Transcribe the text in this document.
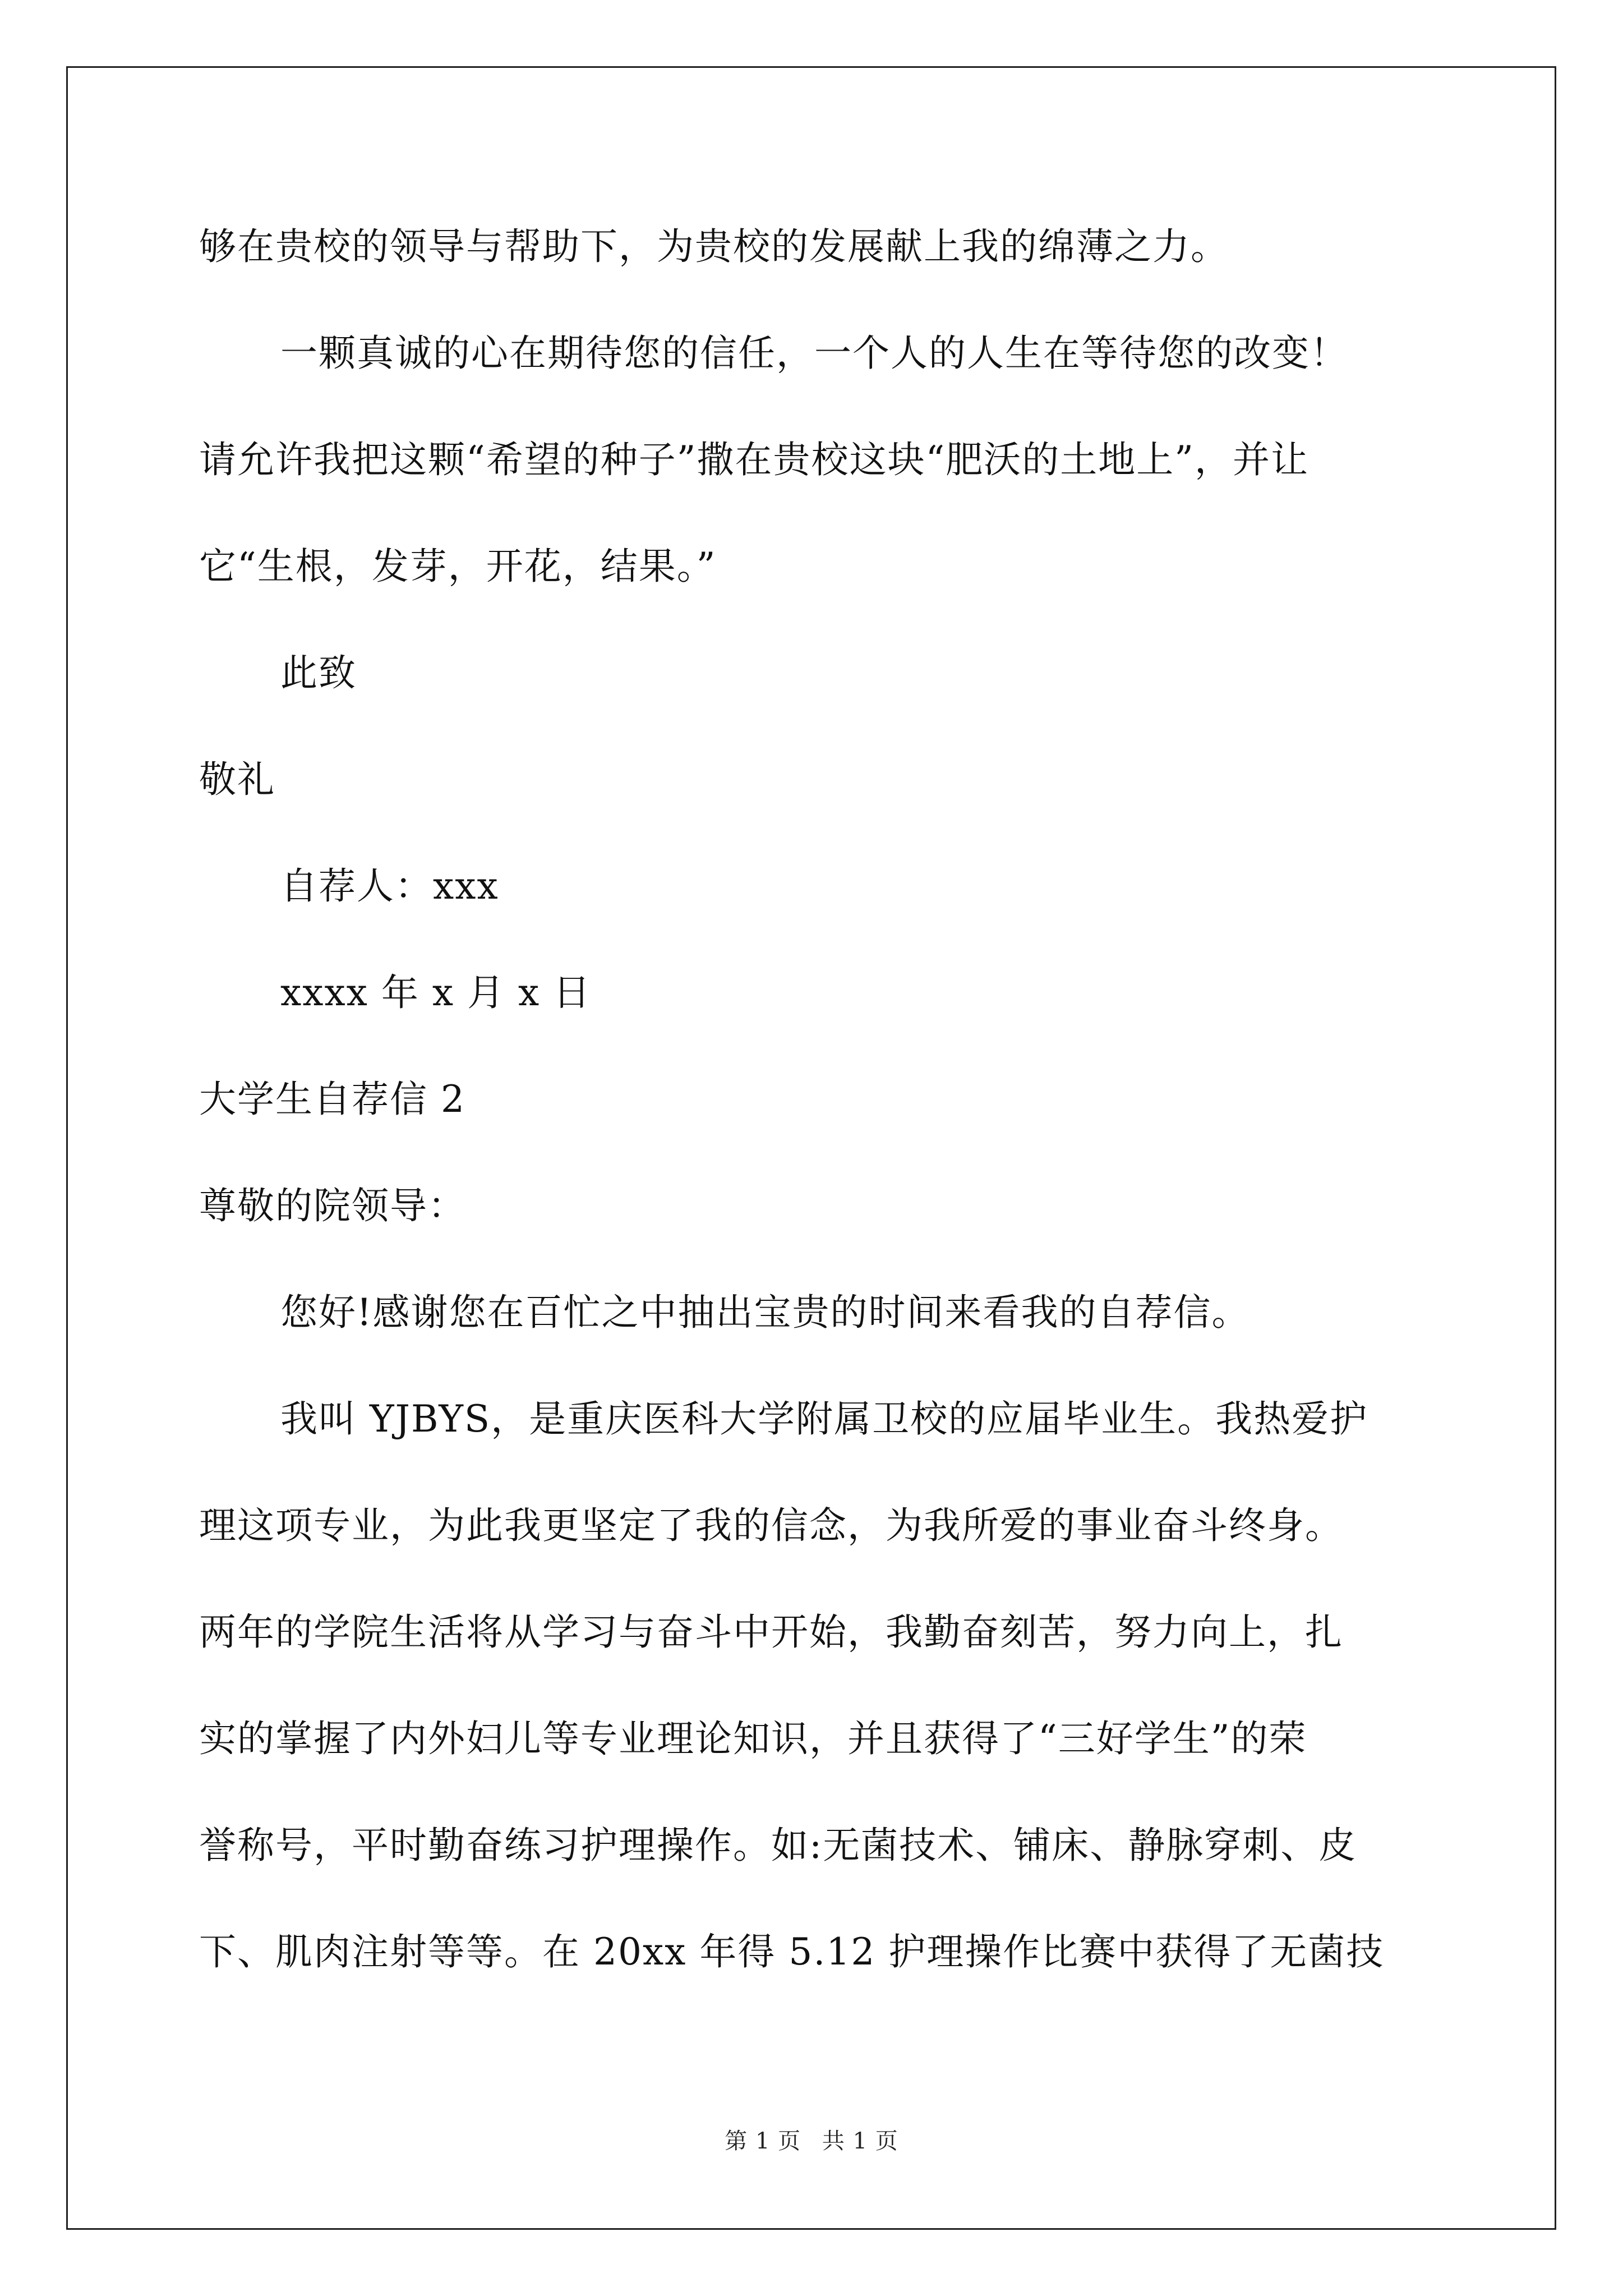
够在贵校的领导与帮助下，为贵校的发展献上我的绵薄之力。
一颗真诚的心在期待您的信任，一个人的人生在等待您的改变！
请允许我把这颗“希望的种子”撒在贵校这块“肥沃的土地上”，并让
它“生根，发芽，开花，结果。”
此致
敬礼
自荐人：xxx
xxxx 年 x 月 x 日
大学生自荐信 2
尊敬的院领导：
您好!感谢您在百忙之中抽出宝贵的时间来看我的自荐信。
我叫 YJBYS，是重庆医科大学附属卫校的应届毕业生。我热爱护
理这项专业，为此我更坚定了我的信念，为我所爱的事业奋斗终身。
两年的学院生活将从学习与奋斗中开始，我勤奋刻苦，努力向上，扎
实的掌握了内外妇儿等专业理论知识，并且获得了“三好学生”的荣
誉称号，平时勤奋练习护理操作。如:无菌技术、铺床、静脉穿刺、皮
下、肌肉注射等等。在 20xx 年得 5.12 护理操作比赛中获得了无菌技
第 1 页 共 1 页
